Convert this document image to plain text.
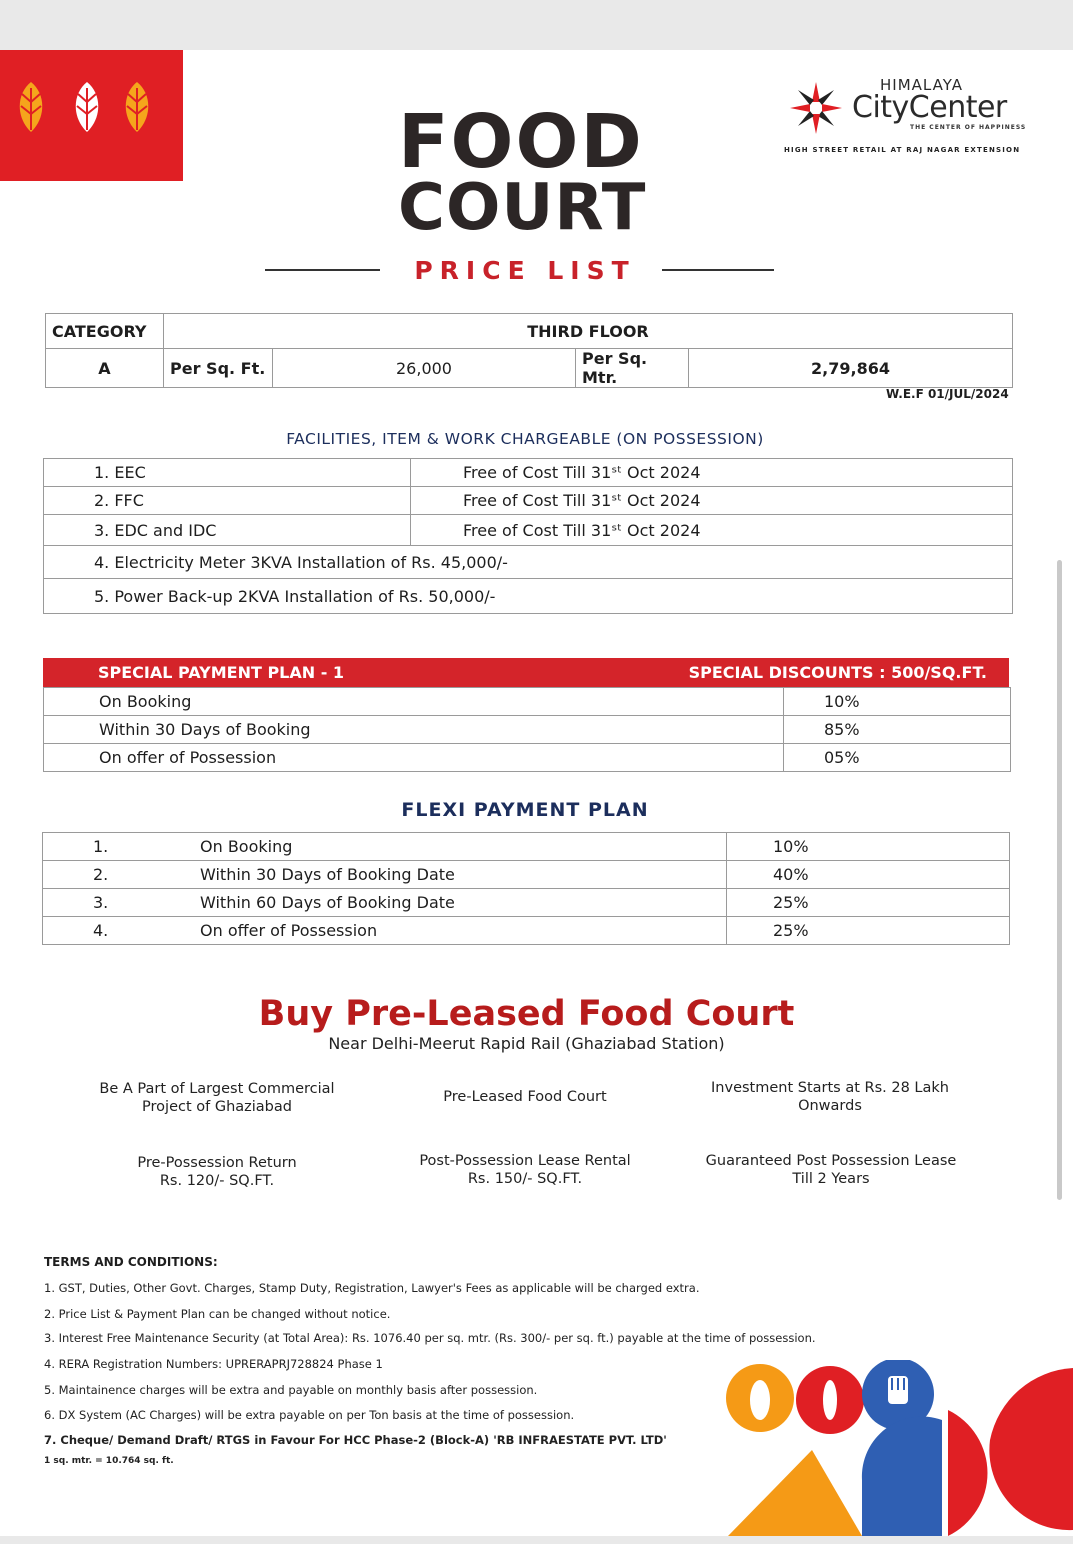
FOOD
COURT
PRICE LIST
HIMALAYA
CityCenter
THE CENTER OF HAPPINESS
HIGH STREET RETAIL AT RAJ NAGAR EXTENSION
CATEGORY	THIRD FLOOR			
A	Per Sq. Ft.	26,000	Per Sq. Mtr.	2,79,864
W.E.F 01/JUL/2024
FACILITIES, ITEM & WORK CHARGEABLE (ON POSSESSION)
1. EEC	Free of Cost Till 31ˢᵗ Oct 2024
2. FFC	Free of Cost Till 31ˢᵗ Oct 2024
3. EDC and IDC	Free of Cost Till 31ˢᵗ Oct 2024
4. Electricity Meter 3KVA Installation of Rs. 45,000/-	
5. Power Back-up 2KVA Installation of Rs. 50,000/-	
SPECIAL PAYMENT PLAN - 1	SPECIAL DISCOUNTS : 500/SQ.FT.
On Booking	10%
Within 30 Days of Booking	85%
On offer of Possession	05%
FLEXI PAYMENT PLAN
1.	On Booking	10%
2.	Within 30 Days of Booking Date	40%
3.	Within 60 Days of Booking Date	25%
4.	On offer of Possession	25%
Buy Pre-Leased Food Court
Near Delhi-Meerut Rapid Rail (Ghaziabad Station)
Be A Part of Largest Commercial
Project of Ghaziabad
Pre-Leased Food Court
Investment Starts at Rs. 28 Lakh
Onwards
Pre-Possession Return
Rs. 120/- SQ.FT.
Post-Possession Lease Rental
Rs. 150/- SQ.FT.
Guaranteed Post Possession Lease
Till 2 Years
TERMS AND CONDITIONS:
1. GST, Duties, Other Govt. Charges, Stamp Duty, Registration, Lawyer's Fees as applicable will be charged extra.
2. Price List & Payment Plan can be changed without notice.
3. Interest Free Maintenance Security (at Total Area): Rs. 1076.40 per sq. mtr. (Rs. 300/- per sq. ft.) payable at the time of possession.
4. RERA Registration Numbers: UPRERAPRJ728824 Phase 1
5. Maintainence charges will be extra and payable on monthly basis after possession.
6. DX System (AC Charges) will be extra payable on per Ton basis at the time of possession.
7. Cheque/ Demand Draft/ RTGS in Favour For HCC Phase-2 (Block-A) 'RB INFRAESTATE PVT. LTD'
1 sq. mtr. = 10.764 sq. ft.
